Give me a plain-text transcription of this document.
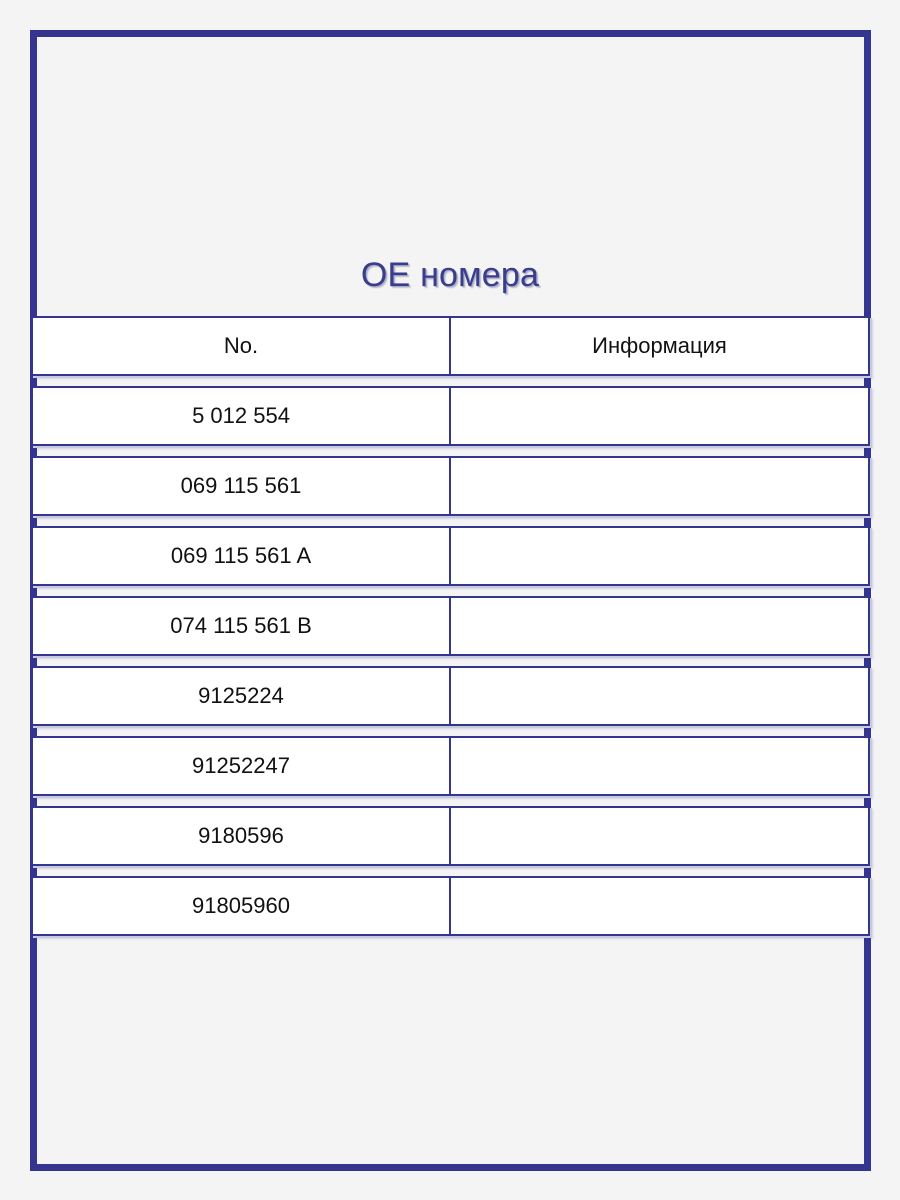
OE номера
No.	Информация
5 012 554
069 115 561
069 115 561 A
074 115 561 B
9125224
91252247
9180596
91805960
